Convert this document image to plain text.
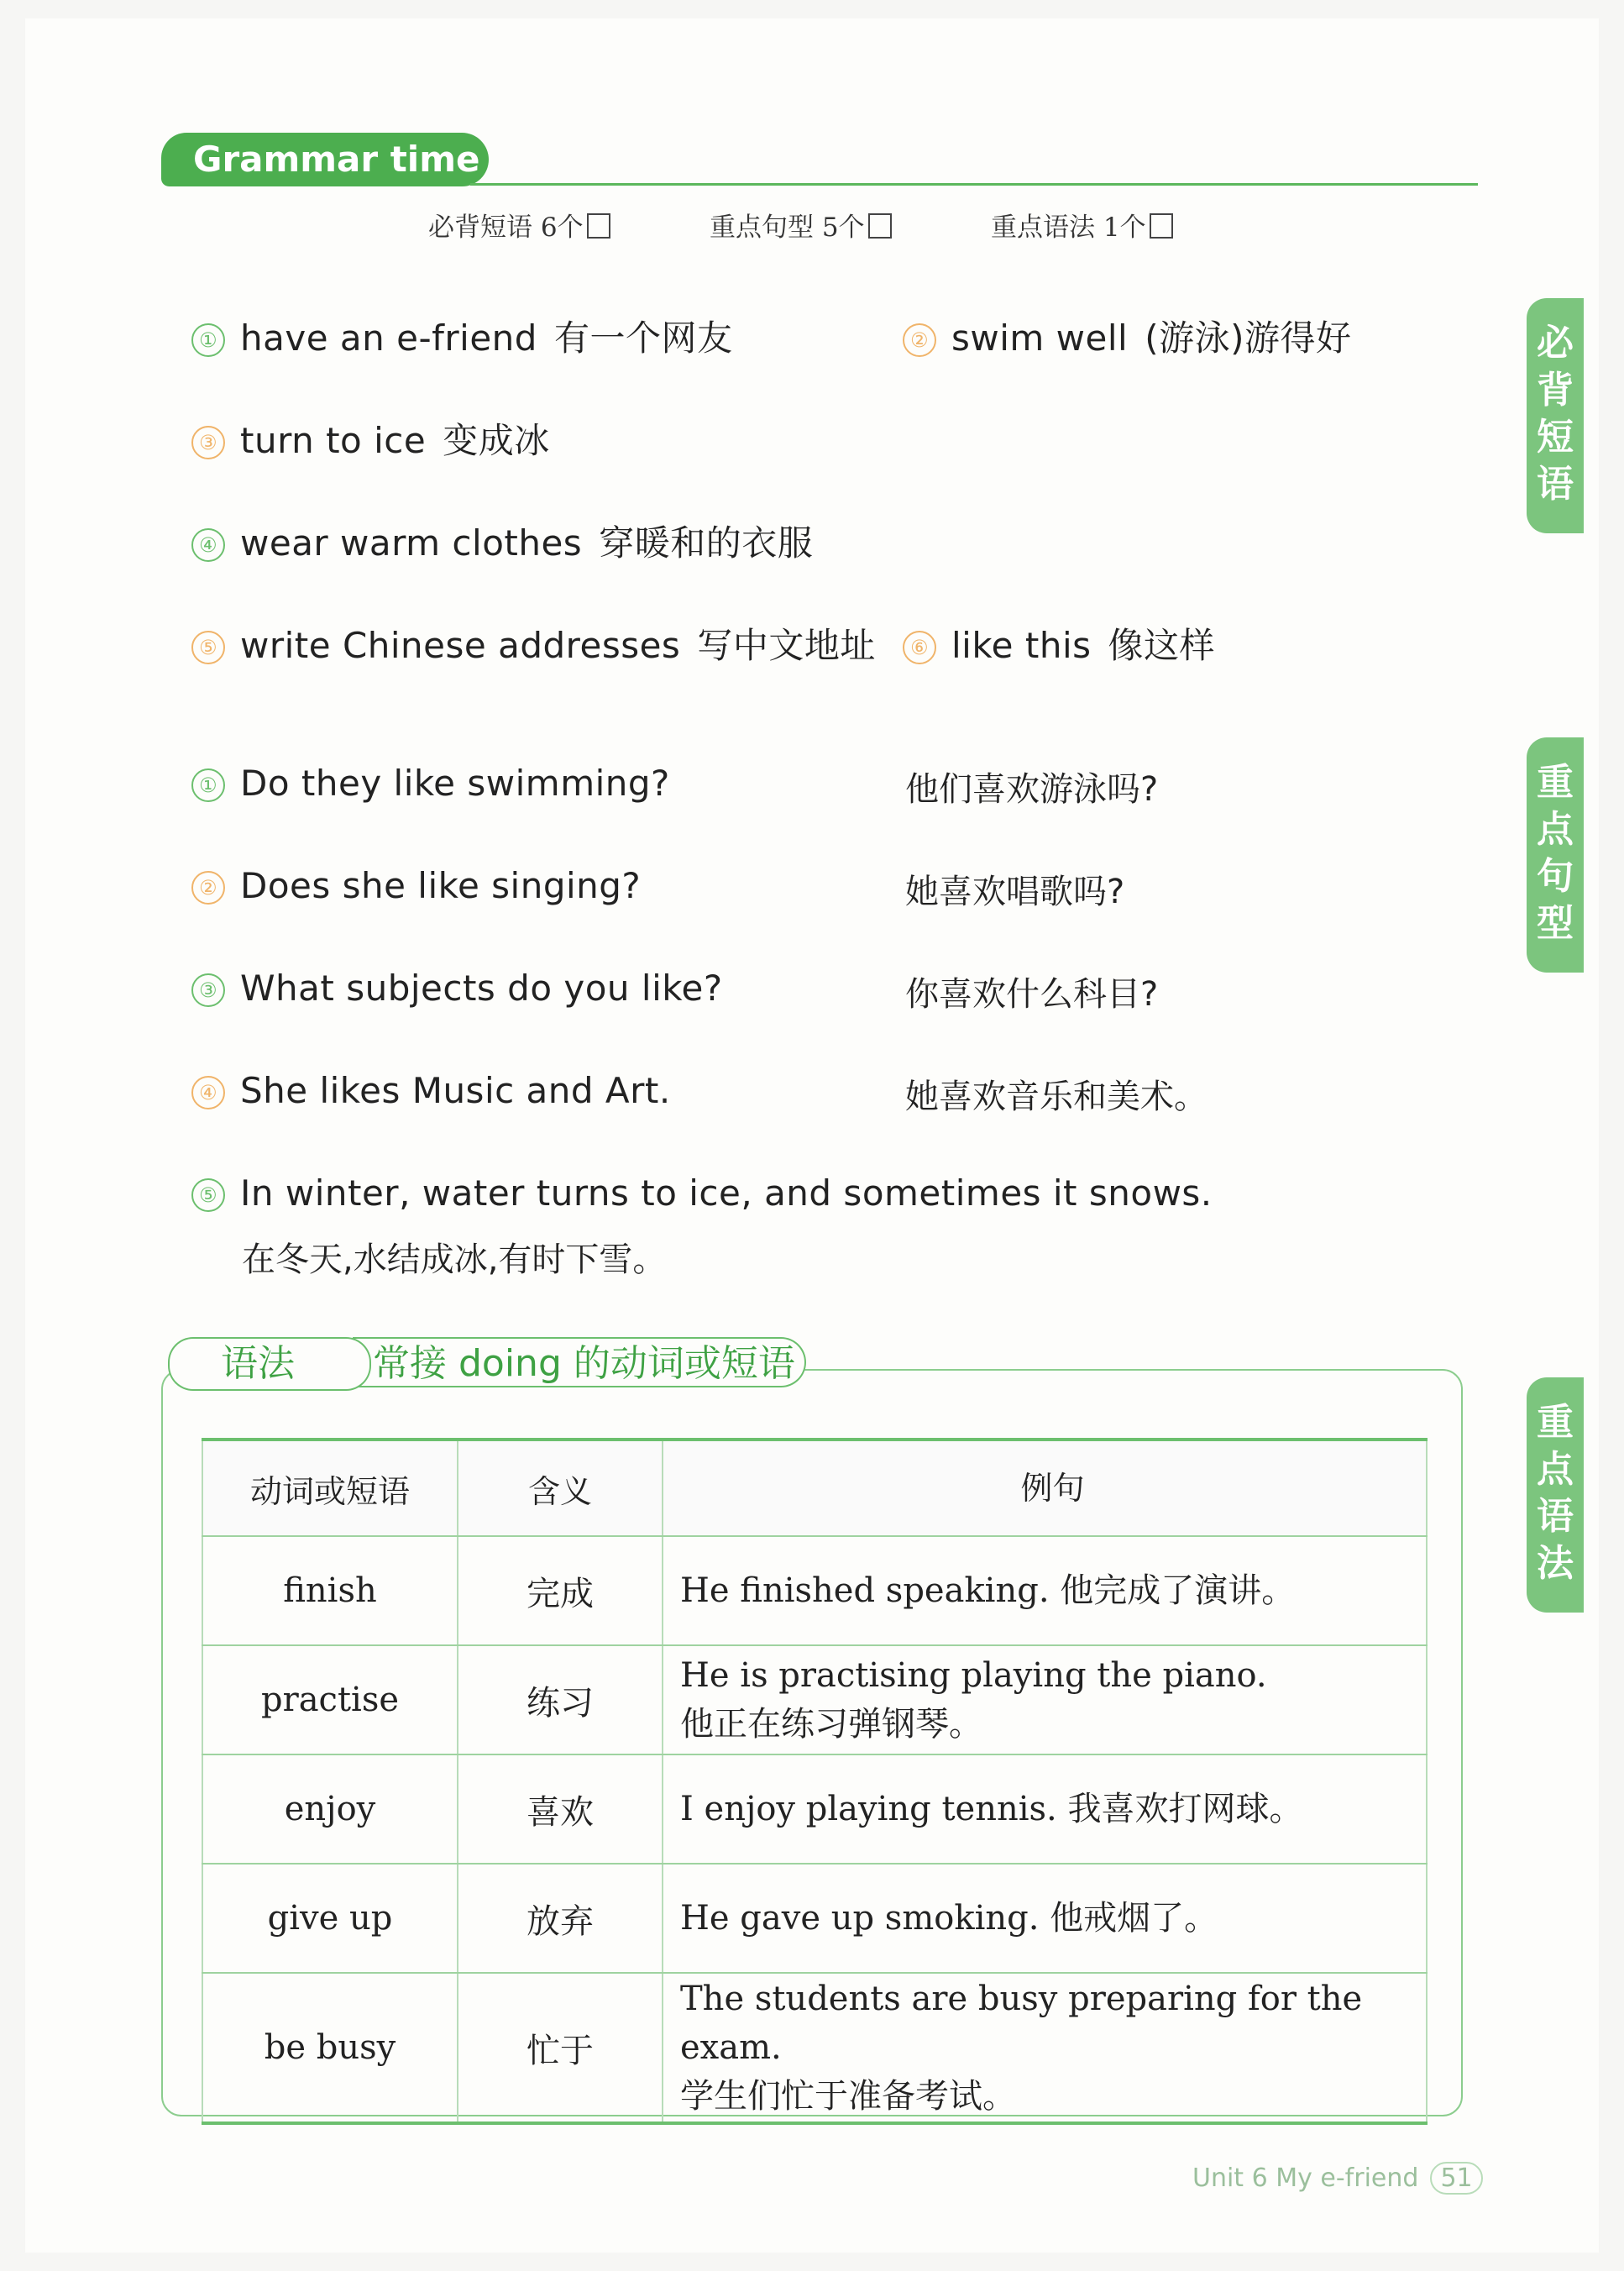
Grammar time
必背短语 6个	重点句型 5个	重点语法 1个
必
背
短
语
重
点
句
型
重
点
语
法
① have an e-friend 有一个网友	② swim well (游泳)游得好
③ turn to ice 变成冰
④ wear warm clothes 穿暖和的衣服
⑤ write Chinese addresses 写中文地址	⑥ like this 像这样
① Do they like swimming?	他们喜欢游泳吗?
② Does she like singing?	她喜欢唱歌吗?
③ What subjects do you like?	你喜欢什么科目?
④ She likes Music and Art.	她喜欢音乐和美术。
⑤ In winter, water turns to ice, and sometimes it snows.
在冬天,水结成冰,有时下雪。
常接 doing 的动词或短语
语法
动词或短语	含义	例句
finish	完成	He finished speaking. 他完成了演讲。

practise	练习	He is practising playing the piano.
他正在练习弹钢琴。

enjoy	喜欢	I enjoy playing tennis. 我喜欢打网球。

give up	放弃	He gave up smoking. 他戒烟了。

be busy	忙于	The students are busy preparing for the exam.
学生们忙于准备考试。
Unit 6 My e-friend 51
